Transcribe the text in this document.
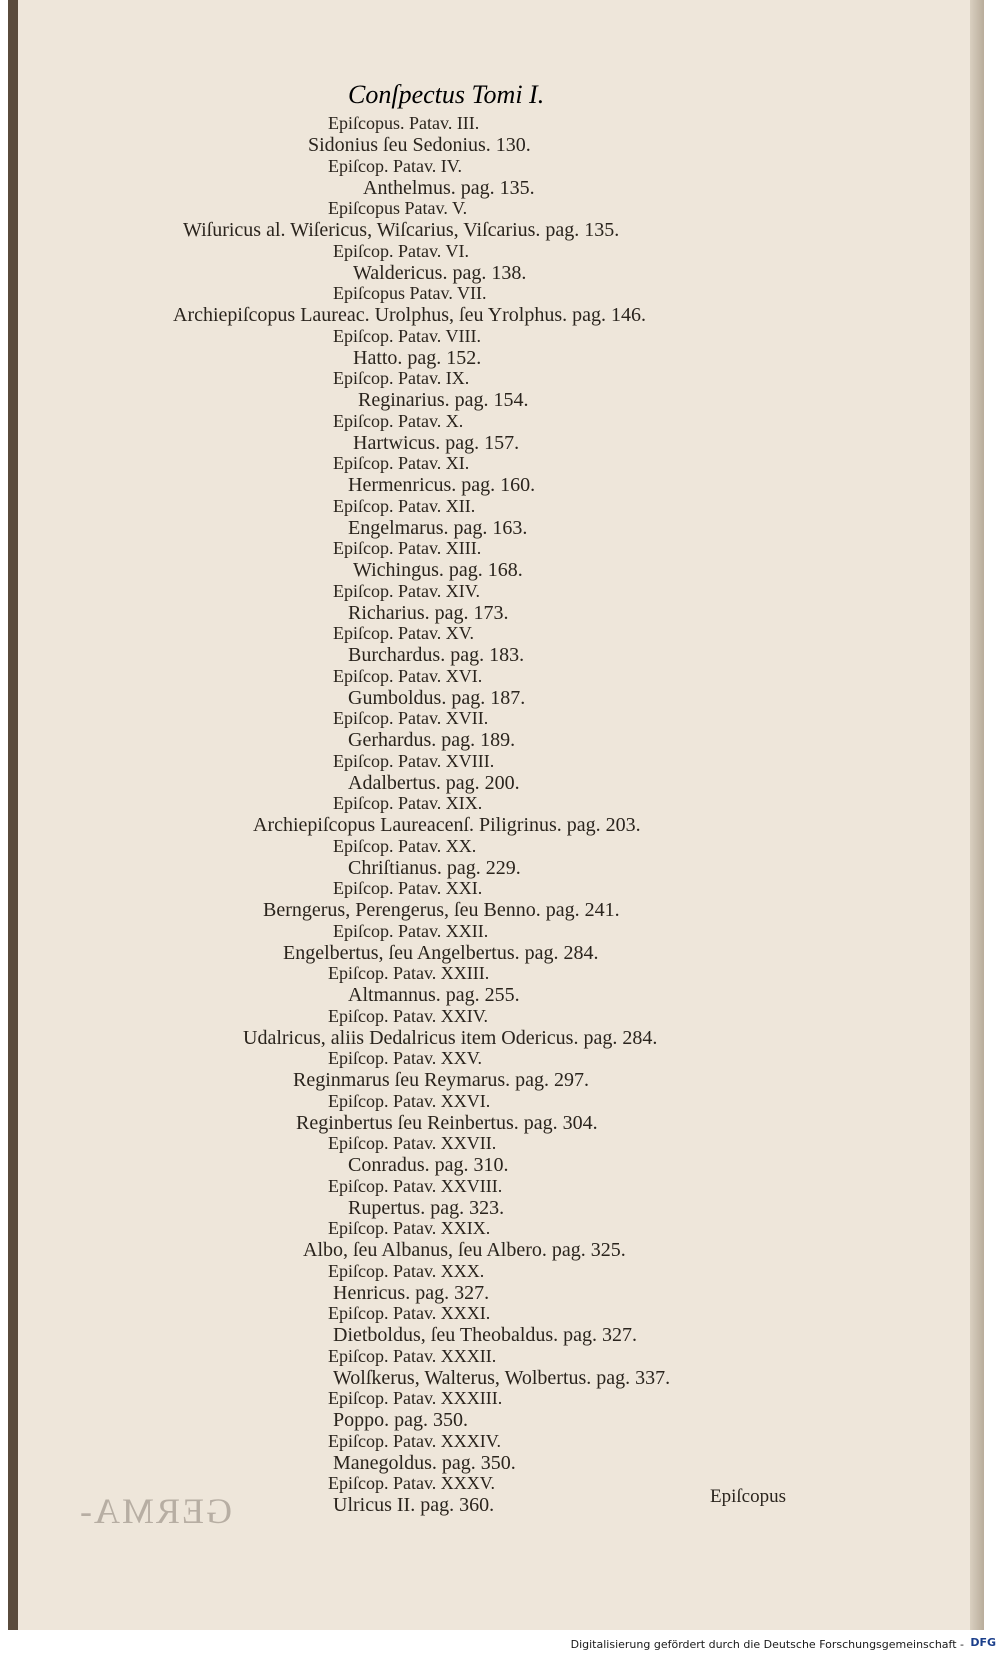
Conſpectus Tomi I.
Epiſcopus. Patav. III.
Sidonius ſeu Sedonius. 130.
Epiſcop. Patav. IV.
Anthelmus. pag. 135.
Epiſcopus Patav. V.
Wiſuricus al. Wiſericus, Wiſcarius, Viſcarius. pag. 135.
Epiſcop. Patav. VI.
Waldericus. pag. 138.
Epiſcopus Patav. VII.
Archiepiſcopus Laureac. Urolphus, ſeu Yrolphus. pag. 146.
Epiſcop. Patav. VIII.
Hatto. pag. 152.
Epiſcop. Patav. IX.
Reginarius. pag. 154.
Epiſcop. Patav. X.
Hartwicus. pag. 157.
Epiſcop. Patav. XI.
Hermenricus. pag. 160.
Epiſcop. Patav. XII.
Engelmarus. pag. 163.
Epiſcop. Patav. XIII.
Wichingus. pag. 168.
Epiſcop. Patav. XIV.
Richarius. pag. 173.
Epiſcop. Patav. XV.
Burchardus. pag. 183.
Epiſcop. Patav. XVI.
Gumboldus. pag. 187.
Epiſcop. Patav. XVII.
Gerhardus. pag. 189.
Epiſcop. Patav. XVIII.
Adalbertus. pag. 200.
Epiſcop. Patav. XIX.
Archiepiſcopus Laureacenſ. Piligrinus. pag. 203.
Epiſcop. Patav. XX.
Chriſtianus. pag. 229.
Epiſcop. Patav. XXI.
Berngerus, Perengerus, ſeu Benno. pag. 241.
Epiſcop. Patav. XXII.
Engelbertus, ſeu Angelbertus. pag. 284.
Epiſcop. Patav. XXIII.
Altmannus. pag. 255.
Epiſcop. Patav. XXIV.
Udalricus, aliis Dedalricus item Odericus. pag. 284.
Epiſcop. Patav. XXV.
Reginmarus ſeu Reymarus. pag. 297.
Epiſcop. Patav. XXVI.
Reginbertus ſeu Reinbertus. pag. 304.
Epiſcop. Patav. XXVII.
Conradus. pag. 310.
Epiſcop. Patav. XXVIII.
Rupertus. pag. 323.
Epiſcop. Patav. XXIX.
Albo, ſeu Albanus, ſeu Albero. pag. 325.
Epiſcop. Patav. XXX.
Henricus. pag. 327.
Epiſcop. Patav. XXXI.
Dietboldus, ſeu Theobaldus. pag. 327.
Epiſcop. Patav. XXXII.
Wolſkerus, Walterus, Wolbertus. pag. 337.
Epiſcop. Patav. XXXIII.
Poppo. pag. 350.
Epiſcop. Patav. XXXIV.
Manegoldus. pag. 350.
Epiſcop. Patav. XXXV.
Ulricus II. pag. 360.
GERMA-	Epiſcopus
Digitalisierung gefördert durch die Deutsche Forschungsgemeinschaft - DFG
